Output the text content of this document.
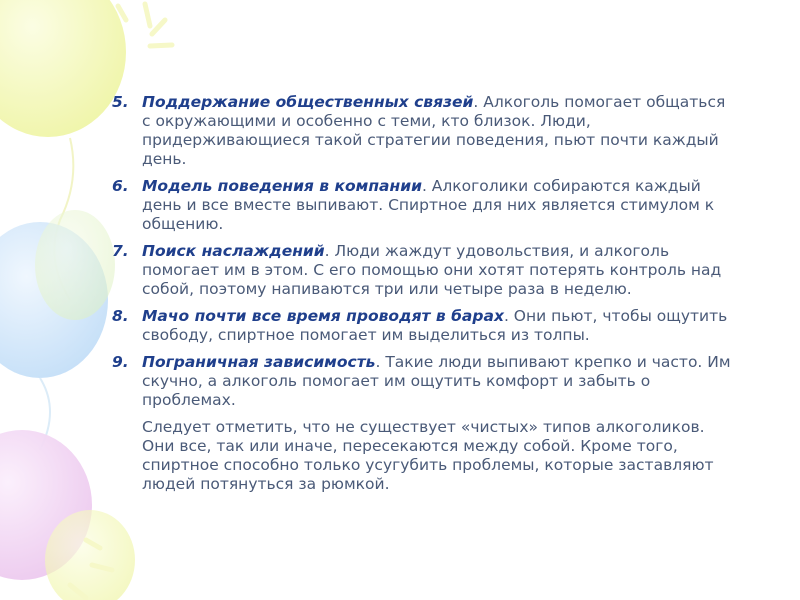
5. Поддержание общественных связей. Алкоголь помогает общаться с окружающими и особенно с теми, кто близок. Люди, придерживающиеся такой стратегии поведения, пьют почти каждый день.
6. Модель поведения в компании. Алкоголики собираются каждый день и все вместе выпивают. Спиртное для них является стимулом к общению.
7. Поиск наслаждений. Люди жаждут удовольствия, и алкоголь помогает им в этом. С его помощью они хотят потерять контроль над собой, поэтому напиваются три или четыре раза в неделю.
8. Мачо почти все время проводят в барах. Они пьют, чтобы ощутить свободу, спиртное помогает им выделиться из толпы.
9. Пограничная зависимость. Такие люди выпивают крепко и часто. Им скучно, а алкоголь помогает им ощутить комфорт и забыть о проблемах.
Следует отметить, что не существует «чистых» типов алкоголиков. Они все, так или иначе, пересекаются между собой. Кроме того, спиртное способно только усугубить проблемы, которые заставляют людей потянуться за рюмкой.
